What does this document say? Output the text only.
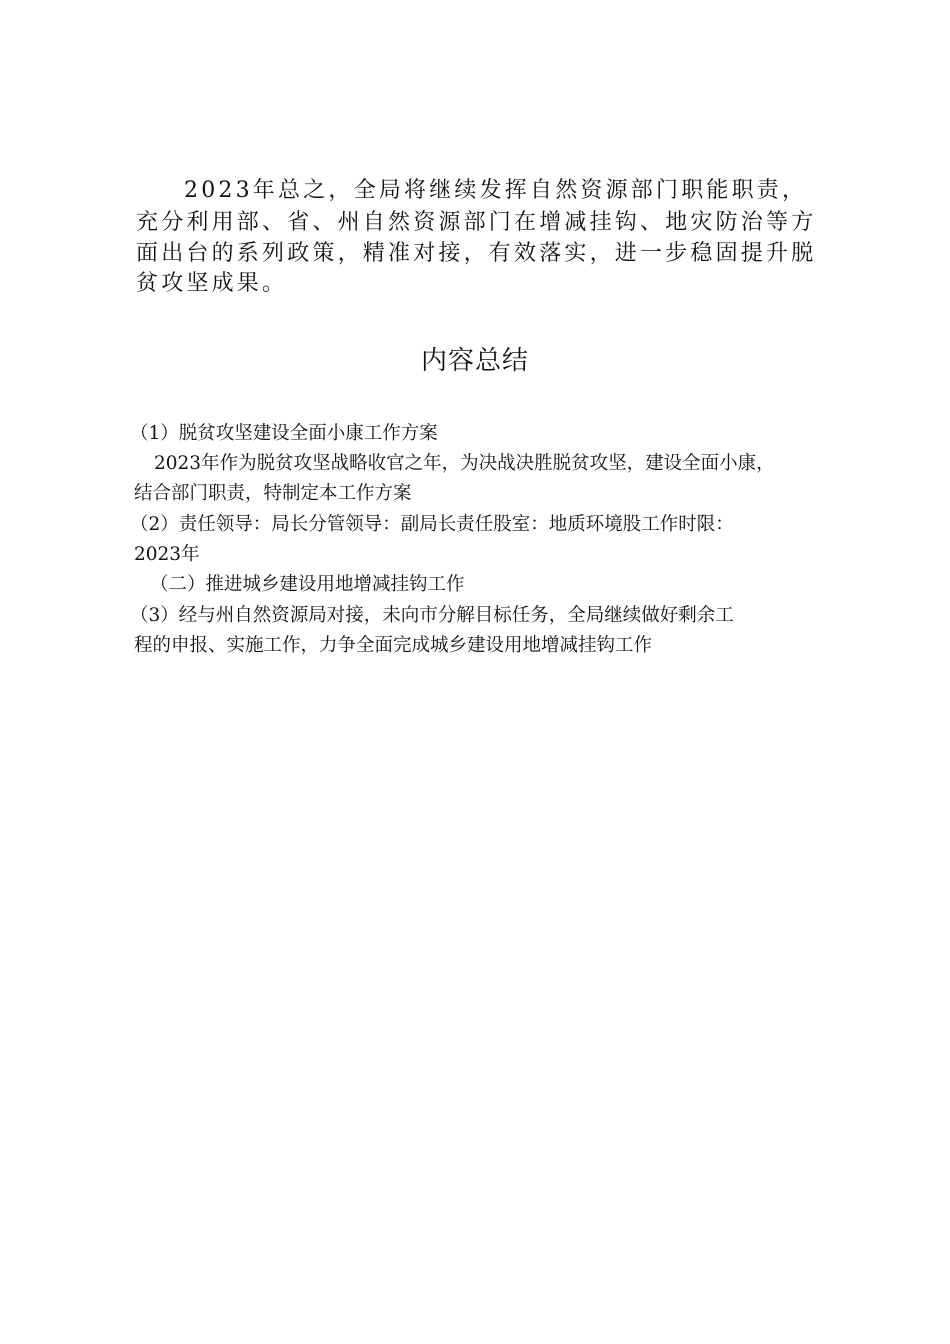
2023年总之，全局将继续发挥自然资源部门职能职责，
充分利用部、省、州自然资源部门在增减挂钩、地灾防治等方
面出台的系列政策，精准对接，有效落实，进一步稳固提升脱
贫攻坚成果。
内容总结
（1）脱贫攻坚建设全面小康工作方案
2023年作为脱贫攻坚战略收官之年，为决战决胜脱贫攻坚，建设全面小康，
结合部门职责，特制定本工作方案
（2）责任领导：局长分管领导：副局长责任股室：地质环境股工作时限：
2023年
（二）推进城乡建设用地增减挂钩工作
（3）经与州自然资源局对接，未向市分解目标任务，全局继续做好剩余工
程的申报、实施工作，力争全面完成城乡建设用地增减挂钩工作
